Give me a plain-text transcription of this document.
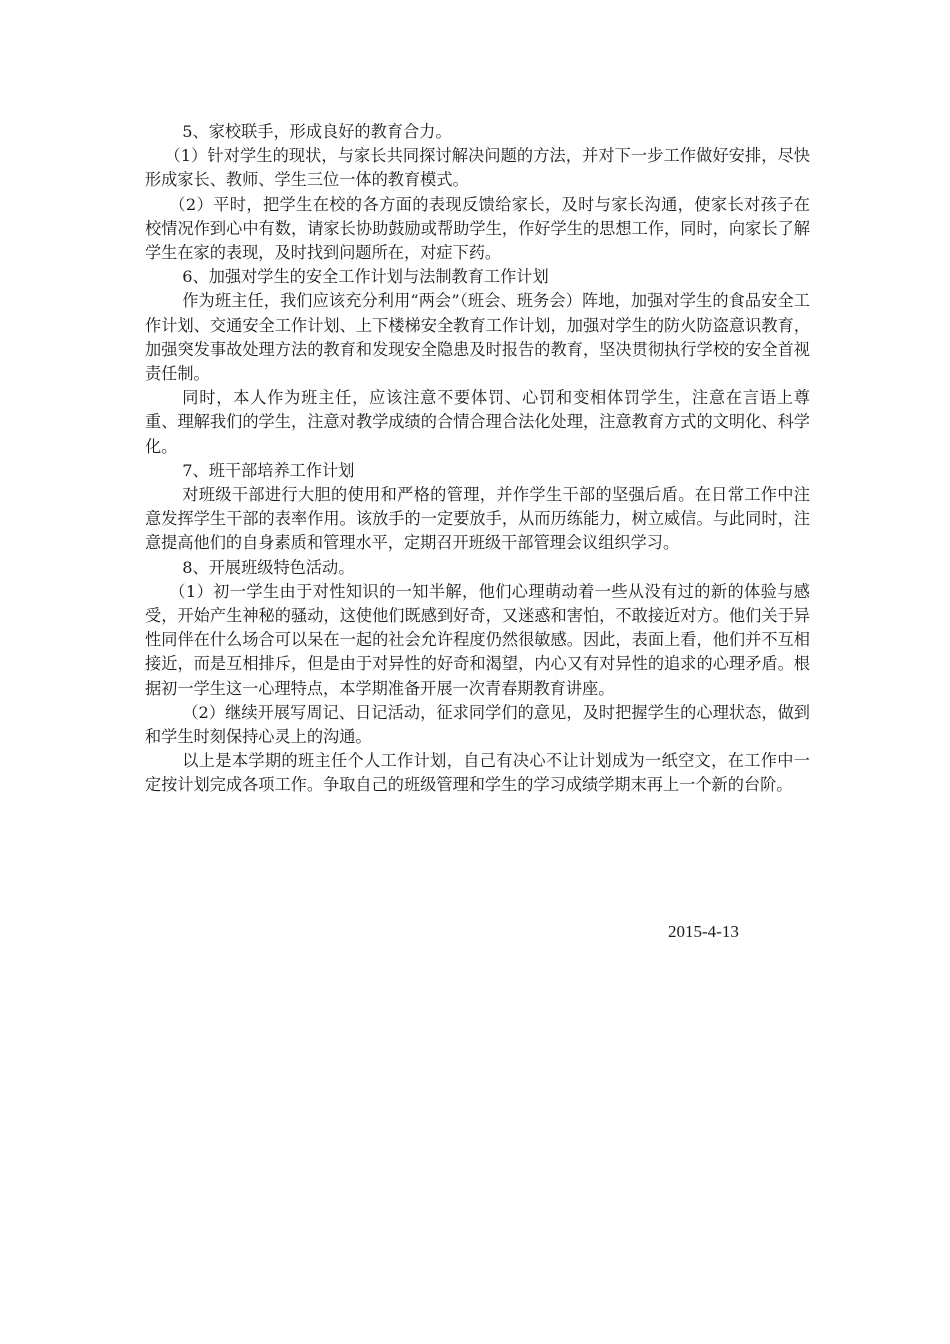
5、家校联手，形成良好的教育合力。

（1）针对学生的现状，与家长共同探讨解决问题的方法，并对下一步工作做好安排，尽快形成家长、教师、学生三位一体的教育模式。

（2）平时，把学生在校的各方面的表现反馈给家长，及时与家长沟通，使家长对孩子在校情况作到心中有数，请家长协助鼓励或帮助学生，作好学生的思想工作，同时，向家长了解学生在家的表现，及时找到问题所在，对症下药。

6、加强对学生的安全工作计划与法制教育工作计划

作为班主任，我们应该充分利用“两会”（班会、班务会）阵地，加强对学生的食品安全工作计划、交通安全工作计划、上下楼梯安全教育工作计划，加强对学生的防火防盗意识教育，加强突发事故处理方法的教育和发现安全隐患及时报告的教育，坚决贯彻执行学校的安全首视责任制。

同时，本人作为班主任，应该注意不要体罚、心罚和变相体罚学生，注意在言语上尊重、理解我们的学生，注意对教学成绩的合情合理合法化处理，注意教育方式的文明化、科学化。

7、班干部培养工作计划

对班级干部进行大胆的使用和严格的管理，并作学生干部的坚强后盾。在日常工作中注意发挥学生干部的表率作用。该放手的一定要放手，从而历练能力，树立威信。与此同时，注意提高他们的自身素质和管理水平，定期召开班级干部管理会议组织学习。

8、开展班级特色活动。

（1）初一学生由于对性知识的一知半解，他们心理萌动着一些从没有过的新的体验与感受，开始产生神秘的骚动，这使他们既感到好奇，又迷惑和害怕，不敢接近对方。他们关于异性同伴在什么场合可以呆在一起的社会允许程度仍然很敏感。因此，表面上看，他们并不互相接近，而是互相排斥，但是由于对异性的好奇和渴望，内心又有对异性的追求的心理矛盾。根据初一学生这一心理特点，本学期准备开展一次青春期教育讲座。

（2）继续开展写周记、日记活动，征求同学们的意见，及时把握学生的心理状态，做到和学生时刻保持心灵上的沟通。

以上是本学期的班主任个人工作计划，自己有决心不让计划成为一纸空文，在工作中一定按计划完成各项工作。争取自己的班级管理和学生的学习成绩学期末再上一个新的台阶。

2015-4-13
